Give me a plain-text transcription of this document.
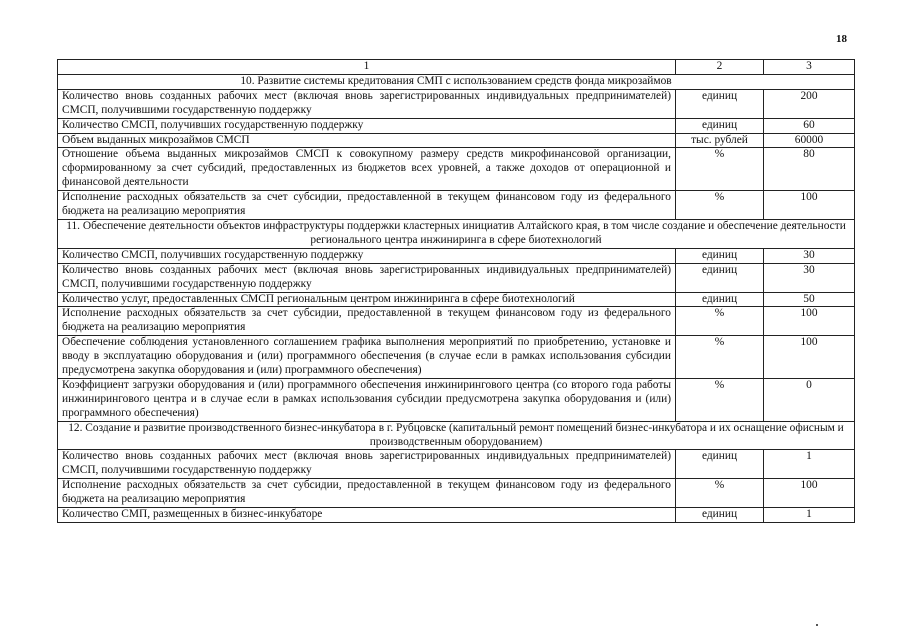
18
1	2	3
10. Развитие системы кредитования СМП с использованием средств фонда микрозаймов		
Количество вновь созданных рабочих мест (включая вновь зарегистрированных индивидуальных предпринимателей) СМСП, получившими государственную поддержку	единиц	200
Количество СМСП, получивших государственную поддержку	единиц	60
Объем выданных микрозаймов СМСП	тыс. рублей	60000
Отношение объема выданных микрозаймов СМСП к совокупному размеру средств микрофинансовой организации, сформированному за счет субсидий, предоставленных из бюджетов всех уровней, а также доходов от операционной и финансовой деятельности	%	80
Исполнение расходных обязательств за счет субсидии, предоставленной в текущем финансовом году из федерального бюджета на реализацию мероприятия	%	100
11. Обеспечение деятельности объектов инфраструктуры поддержки кластерных инициатив Алтайского края, в том числе создание и обеспечение деятельности регионального центра инжиниринга в сфере биотехнологий		
Количество СМСП, получивших государственную поддержку	единиц	30
Количество вновь созданных рабочих мест (включая вновь зарегистрированных индивидуальных предпринимателей) СМСП, получившими государственную поддержку	единиц	30
Количество услуг, предоставленных СМСП региональным центром инжиниринга в сфере биотехнологий	единиц	50
Исполнение расходных обязательств за счет субсидии, предоставленной в текущем финансовом году из федерального бюджета на реализацию мероприятия	%	100
Обеспечение соблюдения установленного соглашением графика выполнения мероприятий по приобретению, установке и вводу в эксплуатацию оборудования и (или) программного обеспечения (в случае если в рамках использования субсидии предусмотрена закупка оборудования и (или) программного обеспечения)	%	100
Коэффициент загрузки оборудования и (или) программного обеспечения инжинирингового центра (со второго года работы инжинирингового центра и в случае если в рамках использования субсидии предусмотрена закупка оборудования и (или) программного обеспечения)	%	0
12. Создание и развитие производственного бизнес-инкубатора в г. Рубцовске (капитальный ремонт помещений бизнес-инкубатора и их оснащение офисным и производственным оборудованием)		
Количество вновь созданных рабочих мест (включая вновь зарегистрированных индивидуальных предпринимателей) СМСП, получившими государственную поддержку	единиц	1
Исполнение расходных обязательств за счет субсидии, предоставленной в текущем финансовом году из федерального бюджета на реализацию мероприятия	%	100
Количество СМП, размещенных в бизнес-инкубаторе	единиц	1
